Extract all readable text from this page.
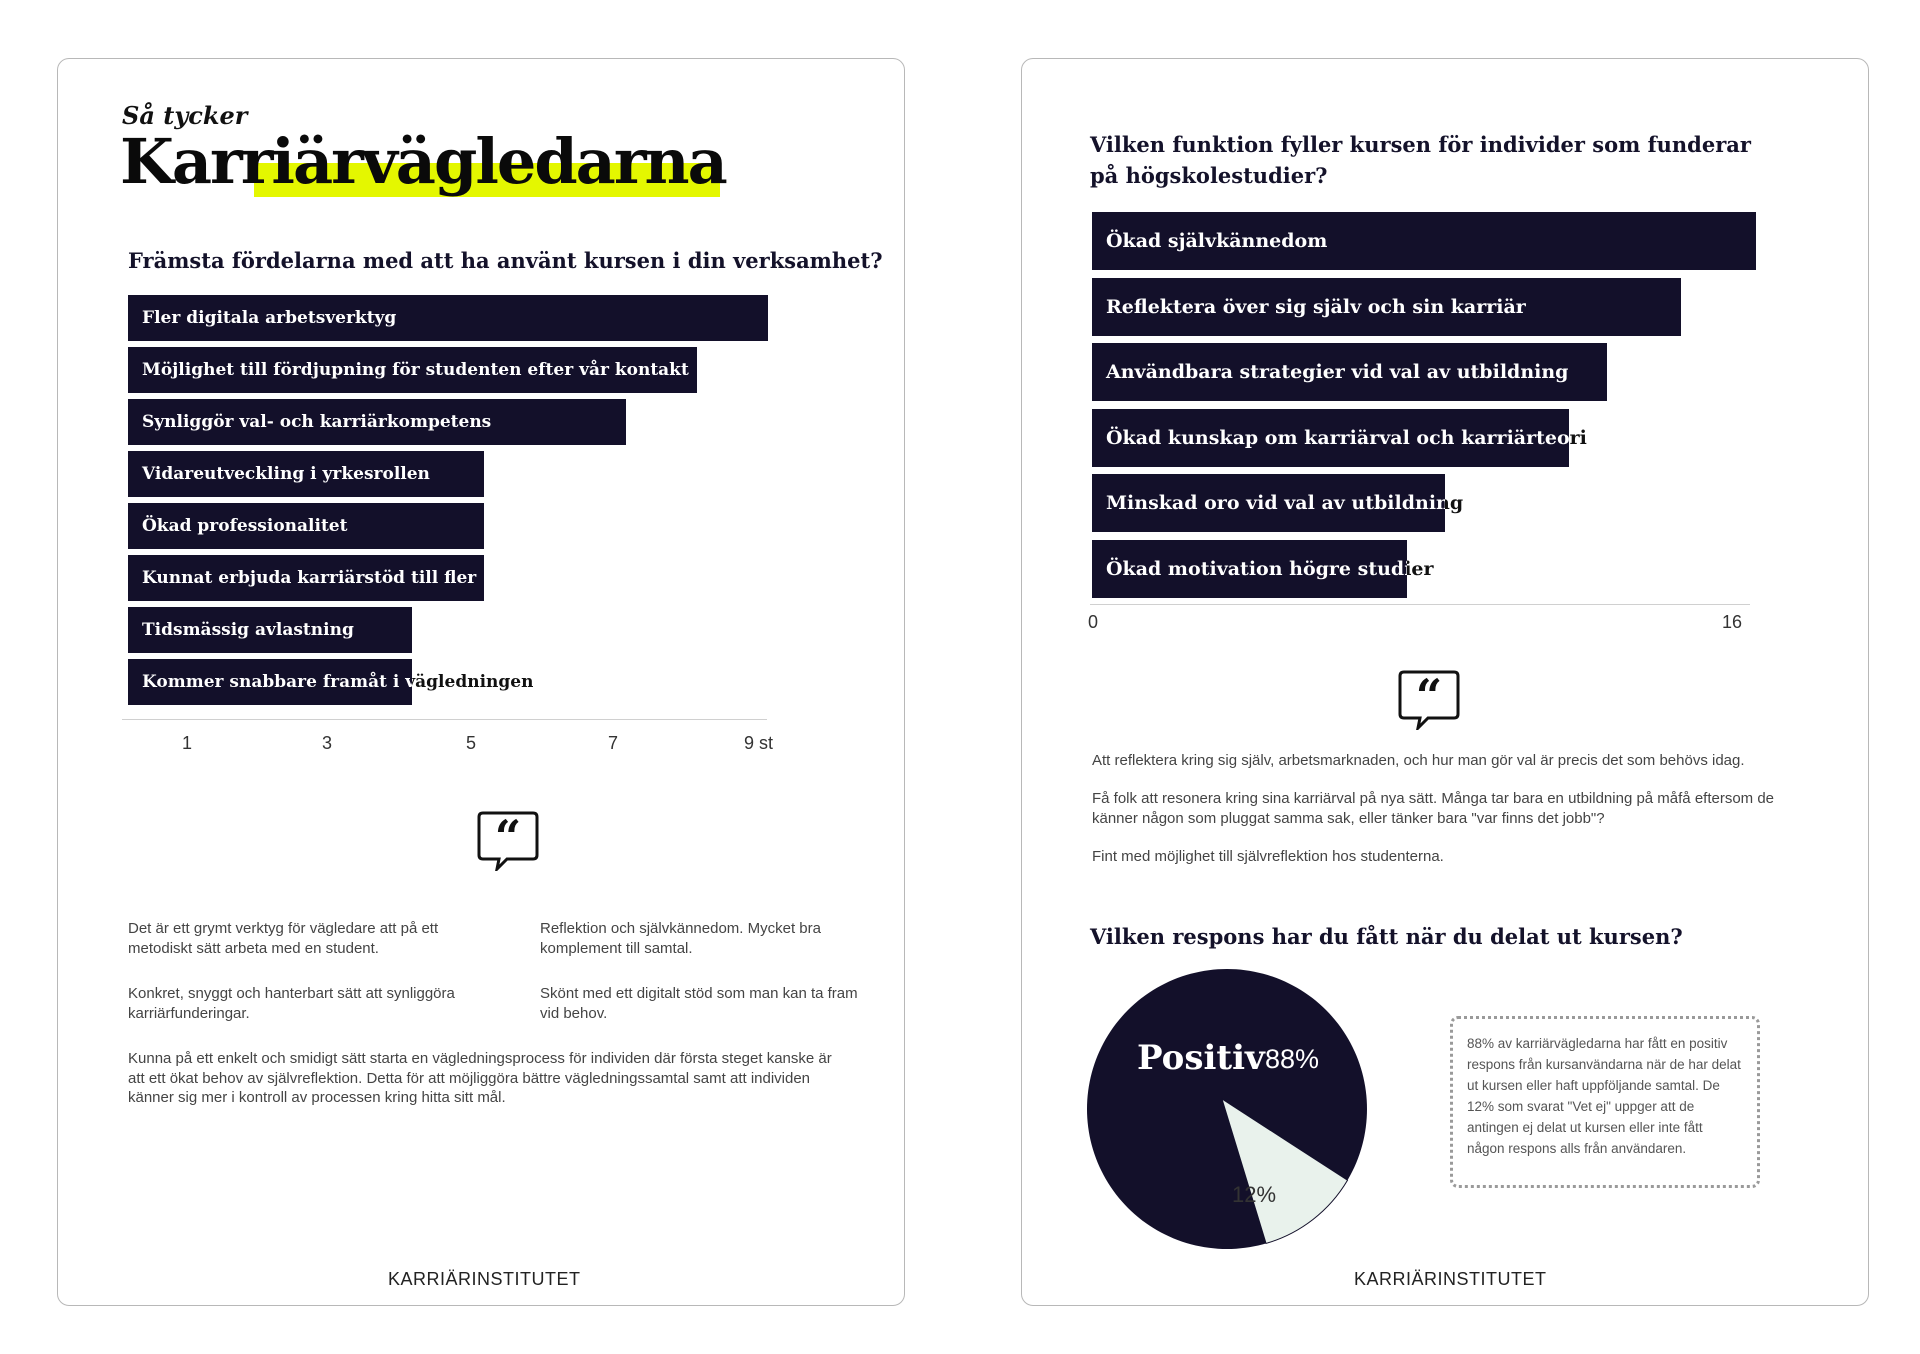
Så tycker
Karriärvägledarna
Främsta fördelarna med att ha använt kursen i din verksamhet?
Fler digitala arbetsverktyg
Möjlighet till fördjupning för studenten efter vår kontakt
Synliggör val- och karriärkompetens
Vidareutveckling i yrkesrollen
Ökad professionalitet
Kunnat erbjuda karriärstöd till fler
Tidsmässig avlastning
Kommer snabbare framåt i vägledningen
1	3	5	7	9 st
“
Det är ett grymt verktyg för vägledare att på ett metodiskt sätt arbeta med en student.
Reflektion och självkännedom. Mycket bra komplement till samtal.
Konkret, snyggt och hanterbart sätt att synliggöra karriärfunderingar.
Skönt med ett digitalt stöd som man kan ta fram vid behov.
Kunna på ett enkelt och smidigt sätt starta en vägledningsprocess för individen där första steget kanske är att ett ökat behov av självreflektion. Detta för att möjliggöra bättre vägledningssamtal samt att individen känner sig mer i kontroll av processen kring hitta sitt mål.
KARRIÄRINSTITUTET
Vilken funktion fyller kursen för individer som funderar på högskolestudier?
Ökad självkännedom
Reflektera över sig själv och sin karriär
Användbara strategier vid val av utbildning
Ökad kunskap om karriärval och karriärteori
Minskad oro vid val av utbildning
Ökad motivation högre studier
0	16
“
Att reflektera kring sig själv, arbetsmarknaden, och hur man gör val är precis det som behövs idag.
Få folk att resonera kring sina karriärval på nya sätt. Många tar bara en utbildning på måfå eftersom de känner någon som pluggat samma sak, eller tänker bara "var finns det jobb"?
Fint med möjlighet till självreflektion hos studenterna.
Vilken respons har du fått när du delat ut kursen?
Positiv 88%
12%
88% av karriärvägledarna har fått en positiv respons från kursanvändarna när de har delat ut kursen eller haft uppföljande samtal. De 12% som svarat "Vet ej" uppger att de antingen ej delat ut kursen eller inte fått någon respons alls från användaren.
KARRIÄRINSTITUTET
